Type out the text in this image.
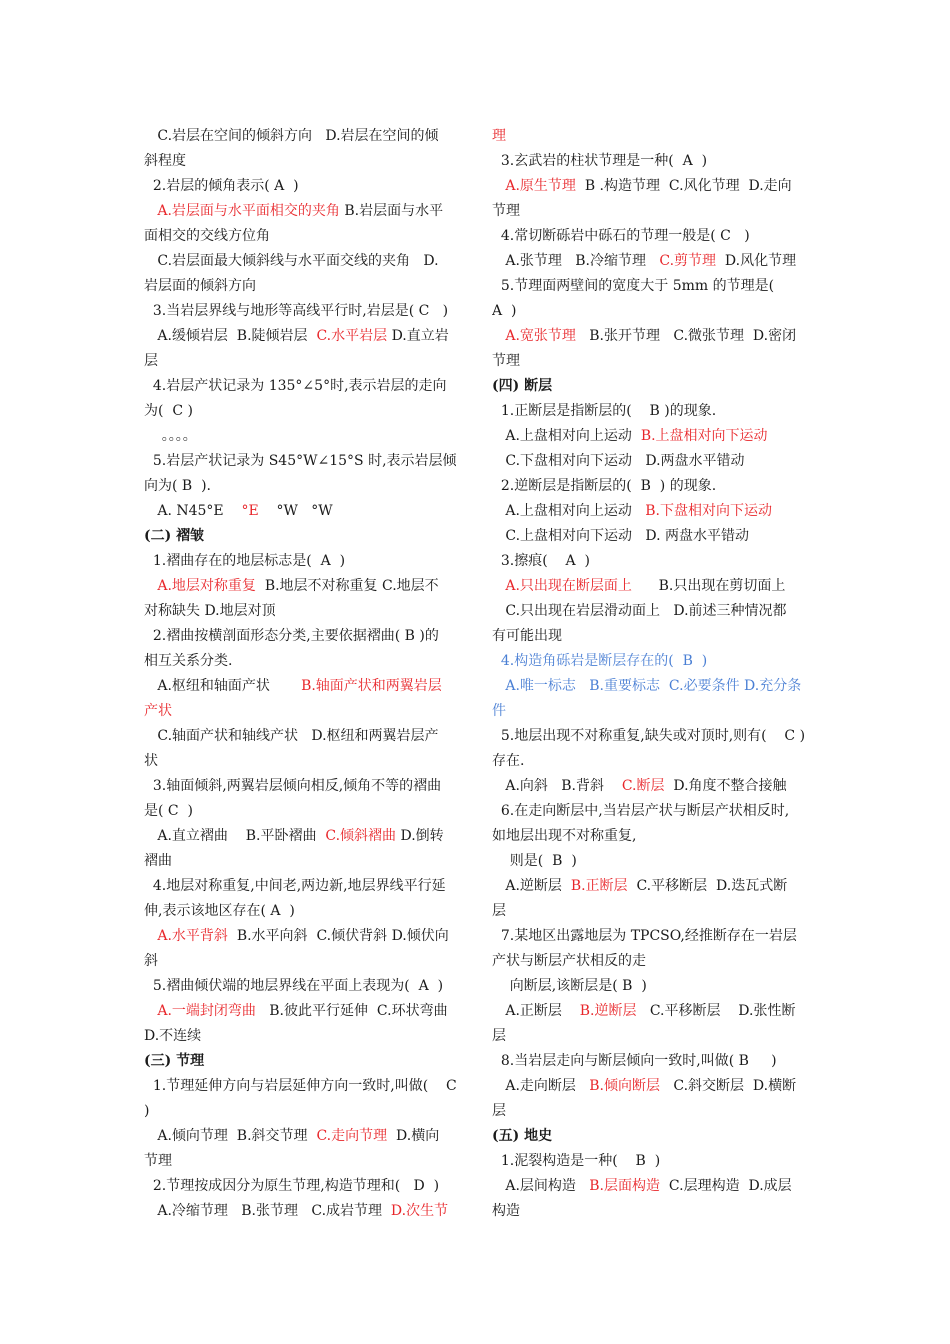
C.岩层在空间的倾斜方向   D.岩层在空间的倾
斜程度
2.岩层的倾角表示( A  )
A.岩层面与水平面相交的夹角 B.岩层面与水平
面相交的交线方位角
C.岩层面最大倾斜线与水平面交线的夹角   D.
岩层面的倾斜方向
3.当岩层界线与地形等高线平行时,岩层是( C   )
A.缓倾岩层  B.陡倾岩层  C.水平岩层 D.直立岩
层
4.岩层产状记录为 135°∠5°时,表示岩层的走向
为(  C )
。。。。
5.岩层产状记录为 S45°W∠15°S 时,表示岩层倾
向为( B  ).
A. N45°E    °E    °W   °W
(二) 褶皱
1.褶曲存在的地层标志是(  A  )
A.地层对称重复  B.地层不对称重复 C.地层不
对称缺失 D.地层对顶
2.褶曲按横剖面形态分类,主要依据褶曲( B )的
相互关系分类.
A.枢纽和轴面产状       B.轴面产状和两翼岩层
产状
C.轴面产状和轴线产状   D.枢纽和两翼岩层产
状
3.轴面倾斜,两翼岩层倾向相反,倾角不等的褶曲
是( C  )
A.直立褶曲    B.平卧褶曲  C.倾斜褶曲 D.倒转
褶曲
4.地层对称重复,中间老,两边新,地层界线平行延
伸,表示该地区存在( A  )
A.水平背斜  B.水平向斜  C.倾伏背斜 D.倾伏向
斜
5.褶曲倾伏端的地层界线在平面上表现为(  A  )
A.一端封闭弯曲   B.彼此平行延伸  C.环状弯曲
D.不连续
(三) 节理
1.节理延伸方向与岩层延伸方向一致时,叫做(    C
)
A.倾向节理  B.斜交节理  C.走向节理  D.横向
节理
2.节理按成因分为原生节理,构造节理和(   D  )
A.冷缩节理   B.张节理   C.成岩节理  D.次生节
理
3.玄武岩的柱状节理是一种(  A  )
A.原生节理  B .构造节理  C.风化节理  D.走向
节理
4.常切断砾岩中砾石的节理一般是( C   )
A.张节理   B.冷缩节理   C.剪节理  D.风化节理
5.节理面两壁间的宽度大于 5mm 的节理是(
A  )
A.宽张节理   B.张开节理   C.微张节理  D.密闭
节理
(四) 断层
1.正断层是指断层的(    B )的现象.
A.上盘相对向上运动  B.上盘相对向下运动
C.下盘相对向下运动   D.两盘水平错动
2.逆断层是指断层的(  B  ) 的现象.
A.上盘相对向上运动   B.下盘相对向下运动
C.上盘相对向下运动   D. 两盘水平错动
3.擦痕(    A  )
A.只出现在断层面上      B.只出现在剪切面上
C.只出现在岩层滑动面上   D.前述三种情况都
有可能出现
4.构造角砾岩是断层存在的(  B  )
A.唯一标志   B.重要标志  C.必要条件 D.充分条
件
5.地层出现不对称重复,缺失或对顶时,则有(    C )
存在.
A.向斜   B.背斜    C.断层  D.角度不整合接触
6.在走向断层中,当岩层产状与断层产状相反时,
如地层出现不对称重复,
则是(  B  )
A.逆断层  B.正断层  C.平移断层  D.迭瓦式断
层
7.某地区出露地层为 TPCSO,经推断存在一岩层
产状与断层产状相反的走
向断层,该断层是( B  )
A.正断层    B.逆断层   C.平移断层    D.张性断
层
8.当岩层走向与断层倾向一致时,叫做( B     )
A.走向断层   B.倾向断层   C.斜交断层  D.横断
层
(五) 地史
1.泥裂构造是一种(    B  )
A.层间构造   B.层面构造  C.层理构造  D.成层
构造
